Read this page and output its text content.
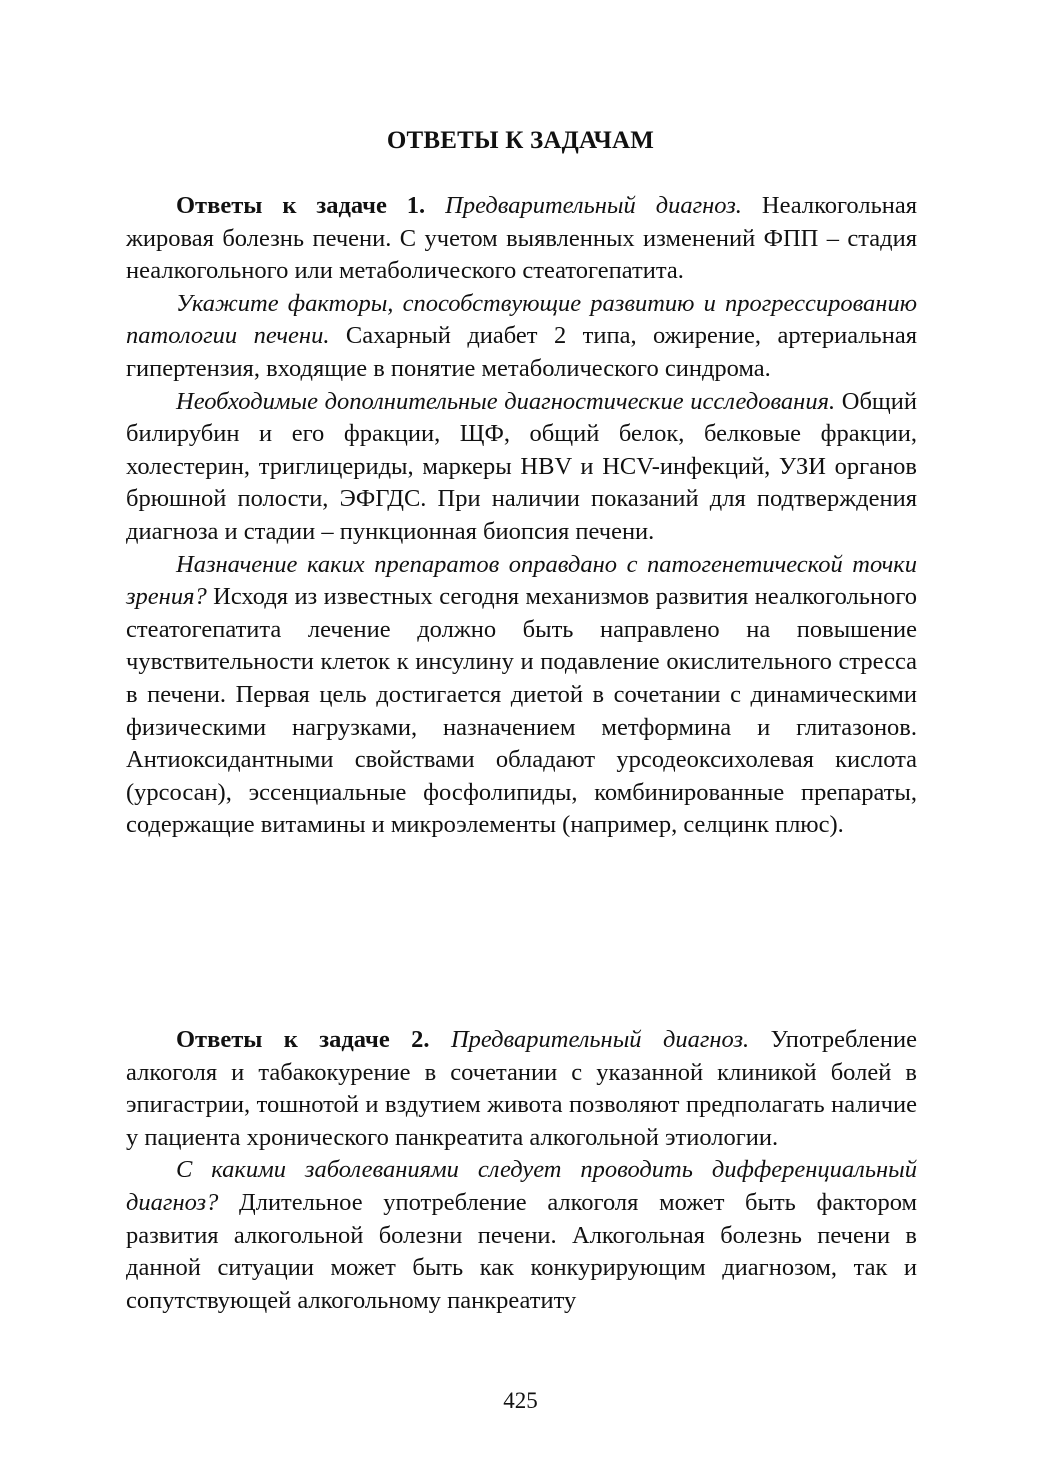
ОТВЕТЫ К ЗАДАЧАМ

Ответы к задаче 1. Предварительный диагноз. Неалкогольная жировая болезнь печени. С учетом выявленных изменений ФПП – стадия неалкогольного или метаболического стеатогепатита.

Укажите факторы, способствующие развитию и прогрессированию патологии печени. Сахарный диабет 2 типа, ожирение, артериальная гипертензия, входящие в понятие метаболического синдрома.

Необходимые дополнительные диагностические исследования. Общий билирубин и его фракции, ЩФ, общий белок, белковые фракции, холестерин, триглицериды, маркеры HBV и HCV-инфекций, УЗИ органов брюшной полости, ЭФГДС. При наличии показаний для подтверждения диагноза и стадии – пункционная биопсия печени.

Назначение каких препаратов оправдано с патогенетической точки зрения? Исходя из известных сегодня механизмов развития неалкогольного стеатогепатита лечение должно быть направлено на повышение чувствительности клеток к инсулину и подавление окислительного стресса в печени. Первая цель достигается диетой в сочетании с динамическими физическими нагрузками, назначением метформина и глитазонов. Антиоксидантными свойствами обладают урсодеоксихолевая кислота (урсосан), эссенциальные фосфолипиды, комбинированные препараты, содержащие витамины и микроэлементы (например, селцинк плюс).

Ответы к задаче 2. Предварительный диагноз. Употребление алкоголя и табакокурение в сочетании с указанной клиникой болей в эпигастрии, тошнотой и вздутием живота позволяют предполагать наличие у пациента хронического панкреатита алкогольной этиологии.

С какими заболеваниями следует проводить дифференциальный диагноз? Длительное употребление алкоголя может быть фактором развития алкогольной болезни печени. Алкогольная болезнь печени в данной ситуации может быть как конкурирующим диагнозом, так и сопутствующей алкогольному панкреатиту

425
